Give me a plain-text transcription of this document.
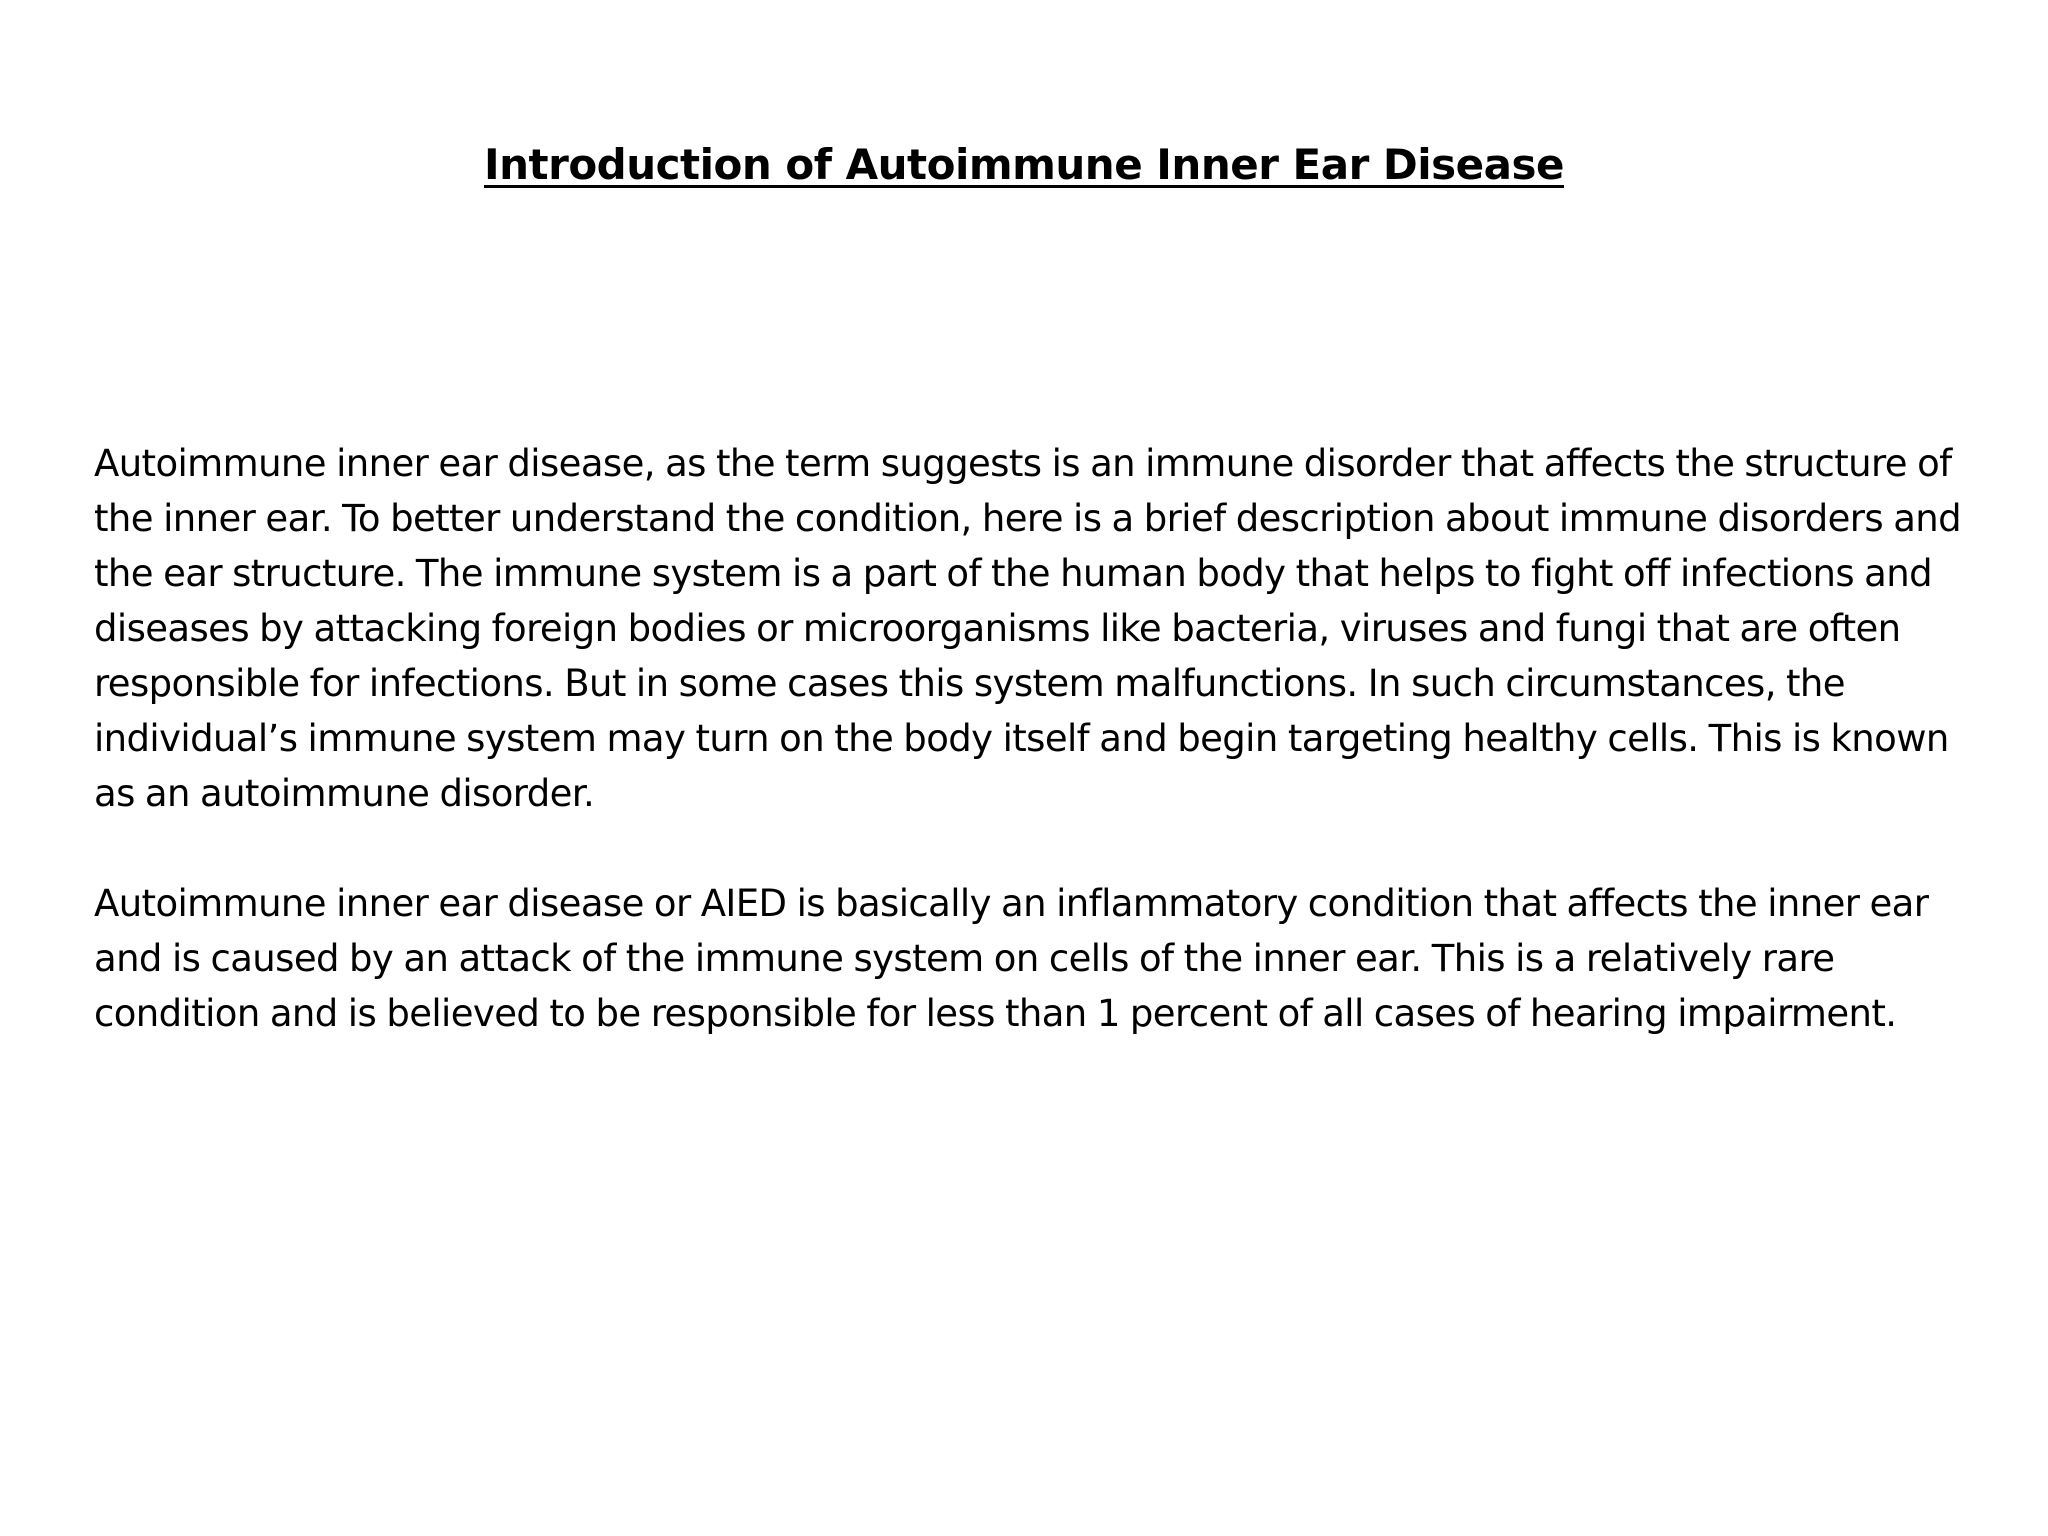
Introduction of Autoimmune Inner Ear Disease

Autoimmune inner ear disease, as the term suggests is an immune disorder that affects the structure of the inner ear. To better understand the condition, here is a brief description about immune disorders and the ear structure. The immune system is a part of the human body that helps to fight off infections and diseases by attacking foreign bodies or microorganisms like bacteria, viruses and fungi that are often responsible for infections. But in some cases this system malfunctions. In such circumstances, the individual’s immune system may turn on the body itself and begin targeting healthy cells. This is known as an autoimmune disorder.

Autoimmune inner ear disease or AIED is basically an inflammatory condition that affects the inner ear and is caused by an attack of the immune system on cells of the inner ear. This is a relatively rare condition and is believed to be responsible for less than 1 percent of all cases of hearing impairment.
